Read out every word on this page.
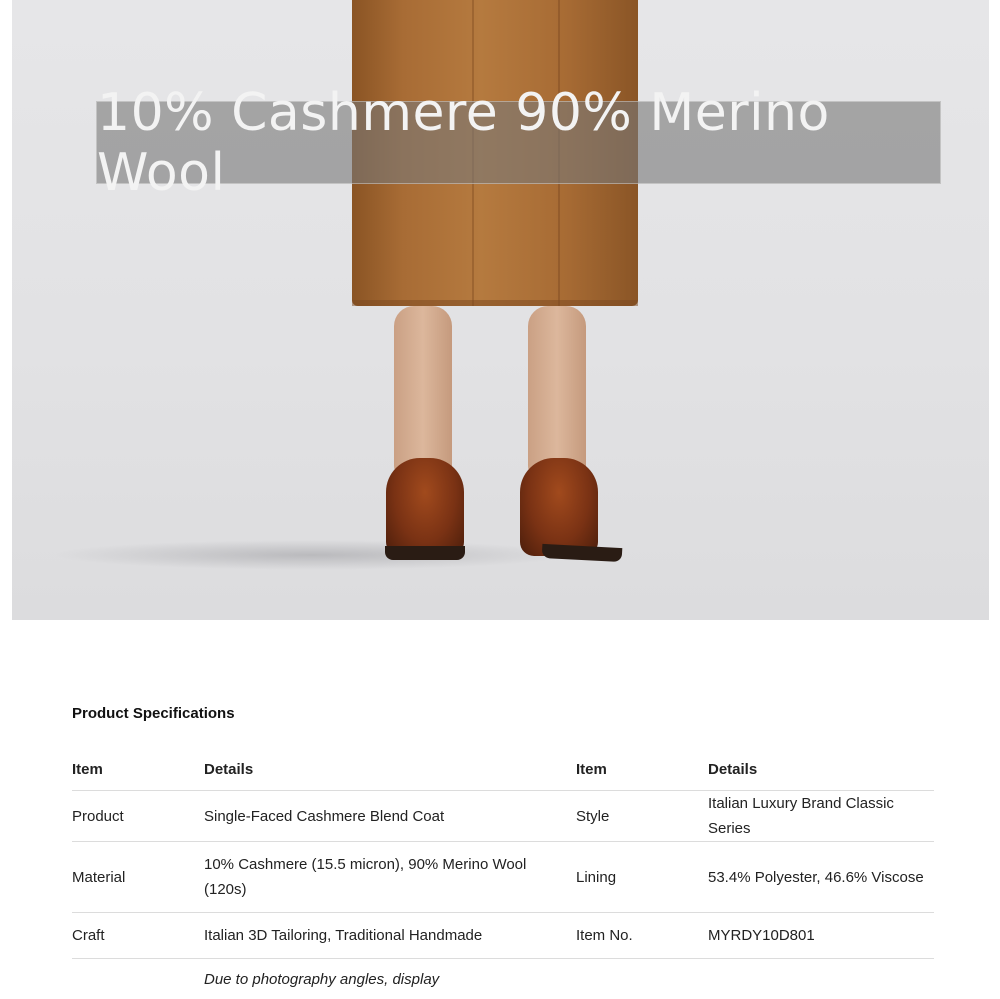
10% Cashmere 90% Merino Wool
Product Specifications
Item	Details	Item	Details
Product	Single-Faced Cashmere Blend Coat	Style	Italian Luxury Brand Classic Series
Material	10% Cashmere (15.5 micron), 90% Merino Wool (120s)	Lining	53.4% Polyester, 46.6% Viscose
Craft	Italian 3D Tailoring, Traditional Handmade	Item No.	MYRDY10D801
	Due to photography angles, display		
